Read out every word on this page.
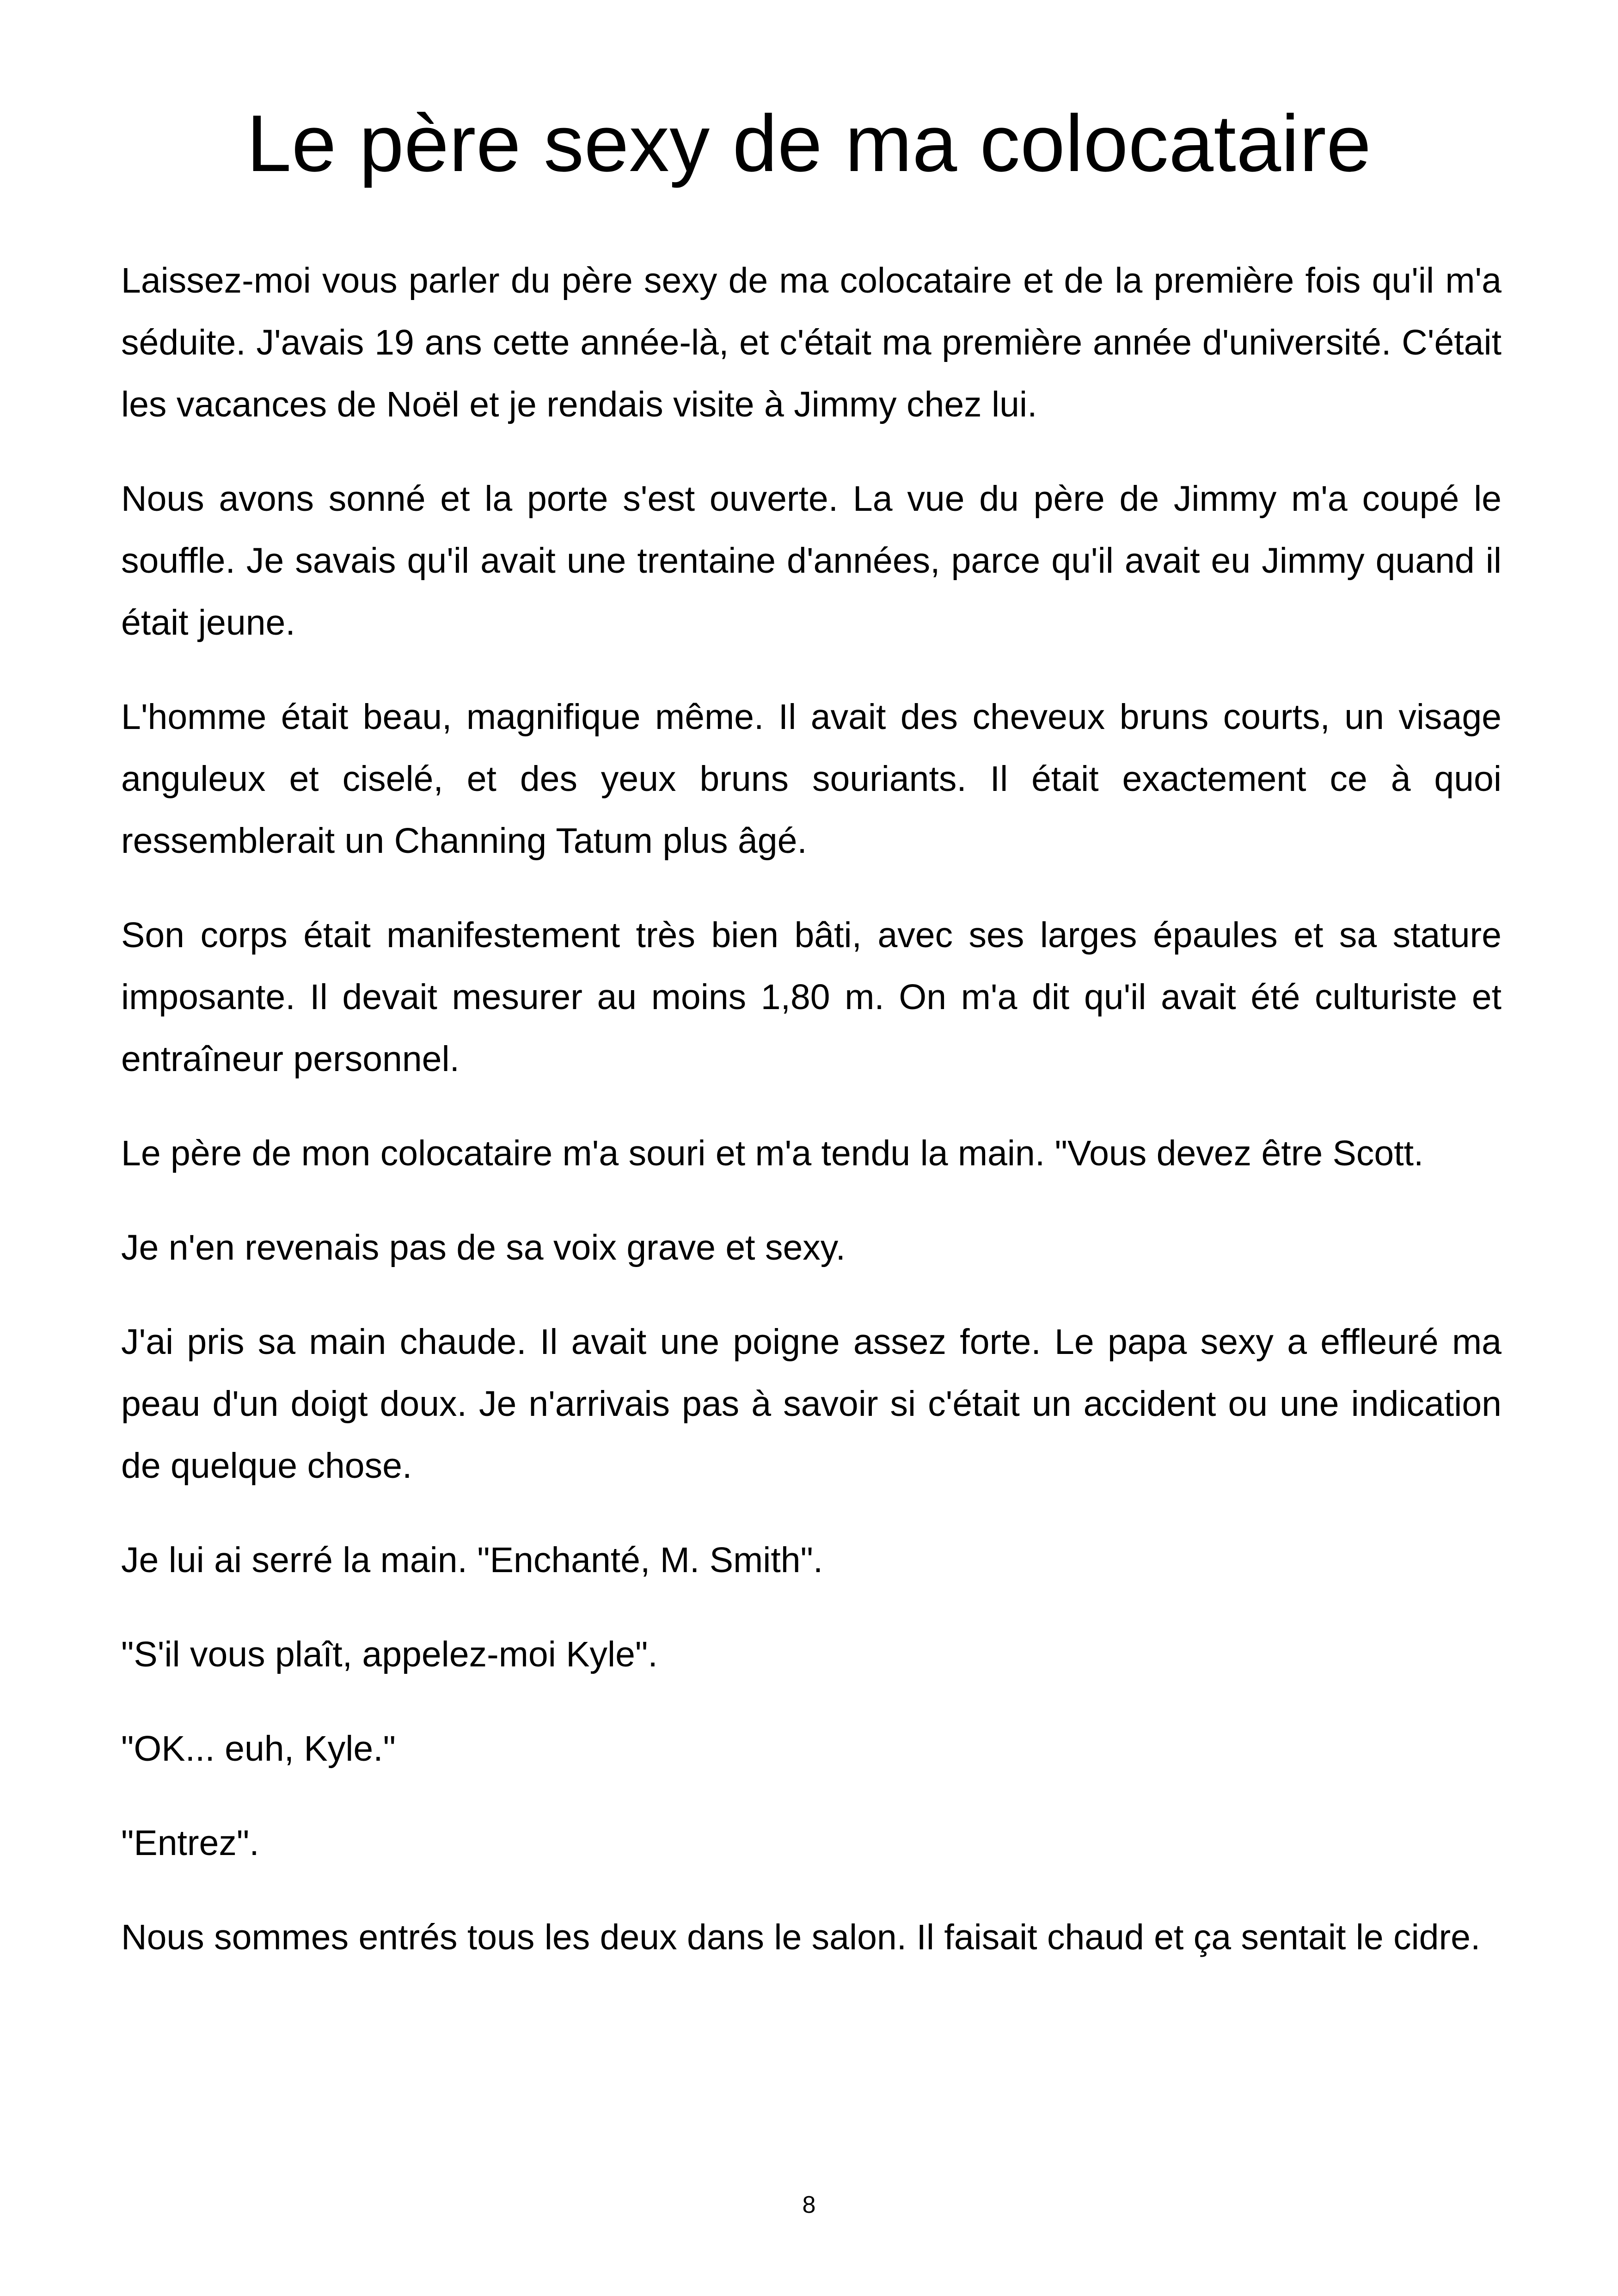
Le père sexy de ma colocataire

Laissez-moi vous parler du père sexy de ma colocataire et de la première fois qu'il m'a séduite. J'avais 19 ans cette année-là, et c'était ma première année d'université. C'était les vacances de Noël et je rendais visite à Jimmy chez lui.

Nous avons sonné et la porte s'est ouverte. La vue du père de Jimmy m'a coupé le souffle. Je savais qu'il avait une trentaine d'années, parce qu'il avait eu Jimmy quand il était jeune.

L'homme était beau, magnifique même. Il avait des cheveux bruns courts, un visage anguleux et ciselé, et des yeux bruns souriants. Il était exactement ce à quoi ressemblerait un Channing Tatum plus âgé.

Son corps était manifestement très bien bâti, avec ses larges épaules et sa stature imposante. Il devait mesurer au moins 1,80 m. On m'a dit qu'il avait été culturiste et entraîneur personnel.

Le père de mon colocataire m'a souri et m'a tendu la main. "Vous devez être Scott.

Je n'en revenais pas de sa voix grave et sexy.

J'ai pris sa main chaude. Il avait une poigne assez forte. Le papa sexy a effleuré ma peau d'un doigt doux. Je n'arrivais pas à savoir si c'était un accident ou une indication de quelque chose.

Je lui ai serré la main. "Enchanté, M. Smith".

"S'il vous plaît, appelez-moi Kyle".

"OK... euh, Kyle."

"Entrez".

Nous sommes entrés tous les deux dans le salon. Il faisait chaud et ça sentait le cidre.

8
